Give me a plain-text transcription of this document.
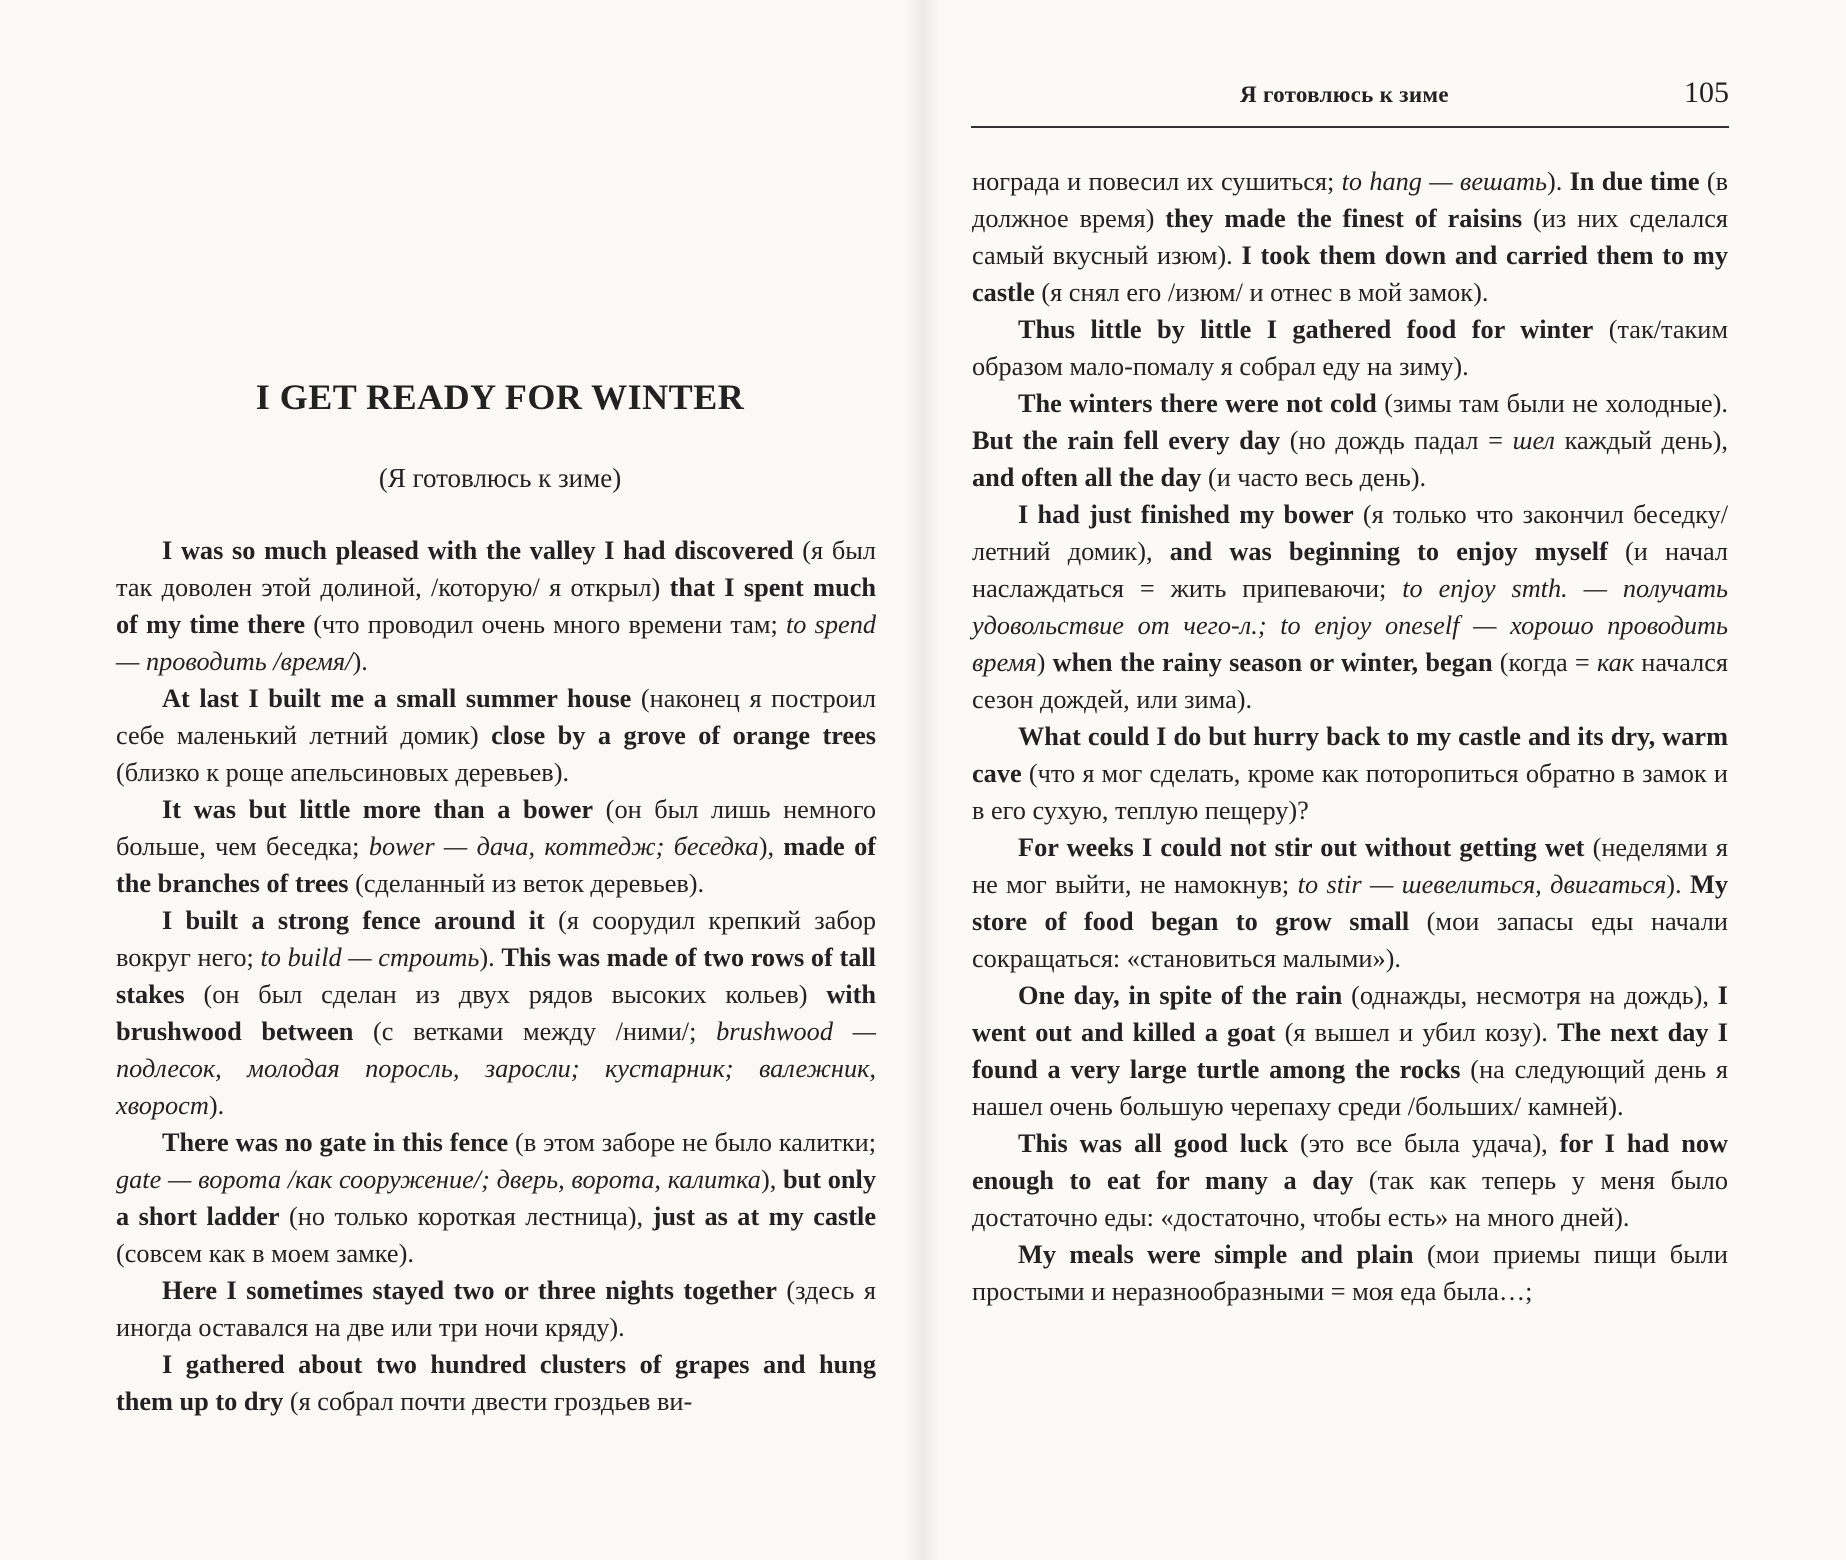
Я готовлюсь к зиме	105
I GET READY FOR WINTER
(Я готовлюсь к зиме)

I was so much pleased with the valley I had discovered (я был так доволен этой долиной, /которую/ я открыл) that I spent much of my time there (что проводил очень много времени там; to spend — проводить /время/).

At last I built me a small summer house (наконец я построил себе маленький летний домик) close by a grove of orange trees (близко к роще апельсиновых деревьев).

It was but little more than a bower (он был лишь немного больше, чем беседка; bower — дача, коттедж; беседка), made of the branches of trees (сделанный из веток деревьев).

I built a strong fence around it (я соорудил крепкий забор вокруг него; to build — строить). This was made of two rows of tall stakes (он был сделан из двух рядов высоких кольев) with brushwood between (с ветками между /ними/; brushwood — подлесок, молодая поросль, заросли; кустарник; валежник, хворост).

There was no gate in this fence (в этом заборе не было калитки; gate — ворота /как сооружение/; дверь, ворота, калитка), but only a short ladder (но только короткая лестница), just as at my castle (совсем как в моем замке).

Here I sometimes stayed two or three nights together (здесь я иногда оставался на две или три ночи кряду).

I gathered about two hundred clusters of grapes and hung them up to dry (я собрал почти двести гроздьев ви-

нограда и повесил их сушиться; to hang — вешать). In due time (в должное время) they made the finest of raisins (из них сделался самый вкусный изюм). I took them down and carried them to my castle (я снял его /изюм/ и отнес в мой замок).

Thus little by little I gathered food for winter (так/таким образом мало-помалу я собрал еду на зиму).

The winters there were not cold (зимы там были не холодные). But the rain fell every day (но дождь падал = шел каждый день), and often all the day (и часто весь день).

I had just finished my bower (я только что закончил беседку/летний домик), and was beginning to enjoy myself (и начал наслаждаться = жить припеваючи; to enjoy smth. — получать удовольствие от чего-л.; to enjoy oneself — хорошо проводить время) when the rainy season or winter, began (когда = как начался сезон дождей, или зима).

What could I do but hurry back to my castle and its dry, warm cave (что я мог сделать, кроме как поторопиться обратно в замок и в его сухую, теплую пещеру)?

For weeks I could not stir out without getting wet (неделями я не мог выйти, не намокнув; to stir — шевелиться, двигаться). My store of food began to grow small (мои запасы еды начали сокращаться: «становиться малыми»).

One day, in spite of the rain (однажды, несмотря на дождь), I went out and killed a goat (я вышел и убил козу). The next day I found a very large turtle among the rocks (на следующий день я нашел очень большую черепаху среди /больших/ камней).

This was all good luck (это все была удача), for I had now enough to eat for many a day (так как теперь у меня было достаточно еды: «достаточно, чтобы есть» на много дней).

My meals were simple and plain (мои приемы пищи были простыми и неразнообразными = моя еда была…;
